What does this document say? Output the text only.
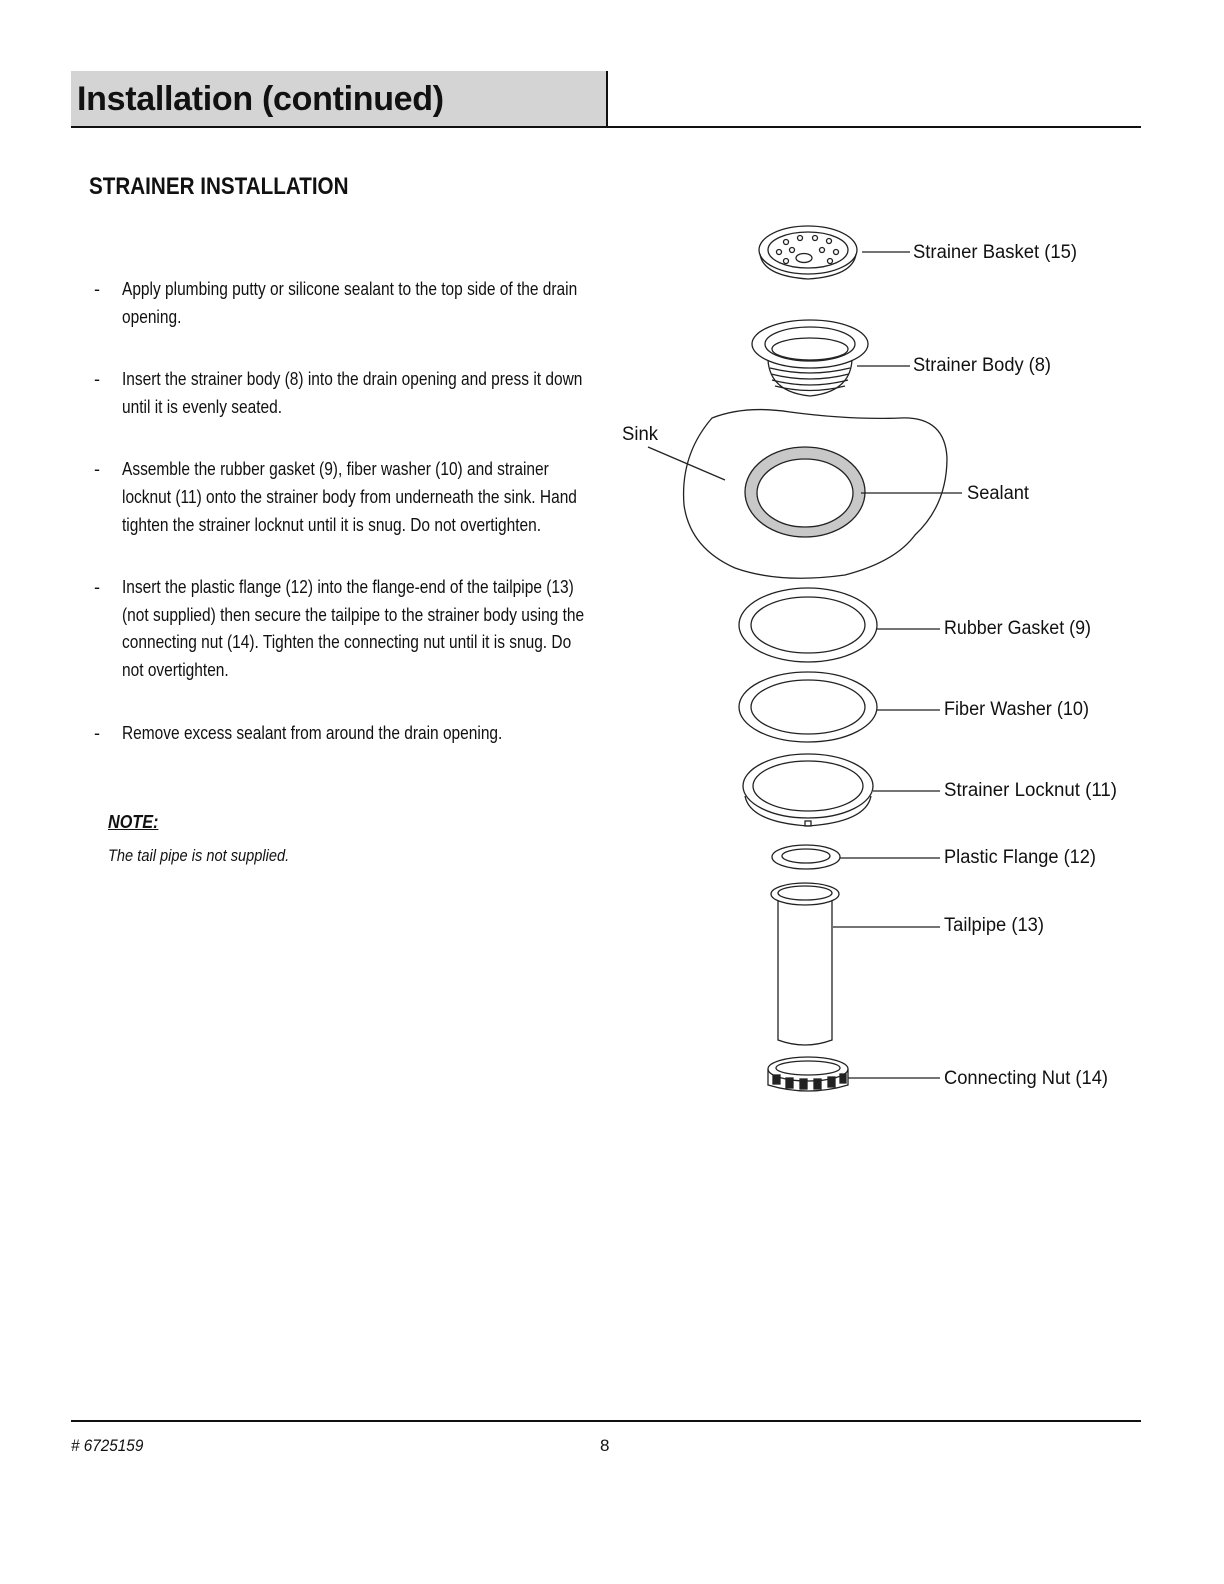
Installation (continued)
STRAINER INSTALLATION
- Apply plumbing putty or silicone sealant to the top side of the drain opening.
- Insert the strainer body (8) into the drain opening and press it down until it is evenly seated.
- Assemble the rubber gasket (9), fiber washer (10) and strainer locknut (11) onto the strainer body from underneath the sink. Hand tighten the strainer locknut until it is snug. Do not overtighten.
- Insert the plastic flange (12) into the flange-end of the tailpipe (13) (not supplied) then secure the tailpipe to the strainer body using the connecting nut (14). Tighten the connecting nut until it is snug. Do not overtighten.
- Remove excess sealant from around the drain opening.
NOTE:
The tail pipe is not supplied.
Strainer Basket (15)
Strainer Body (8)
Sink
Sealant
Rubber Gasket (9)
Fiber Washer (10)
Strainer Locknut (11)
Plastic Flange (12)
Tailpipe (13)
Connecting Nut (14)
# 6725159	8
